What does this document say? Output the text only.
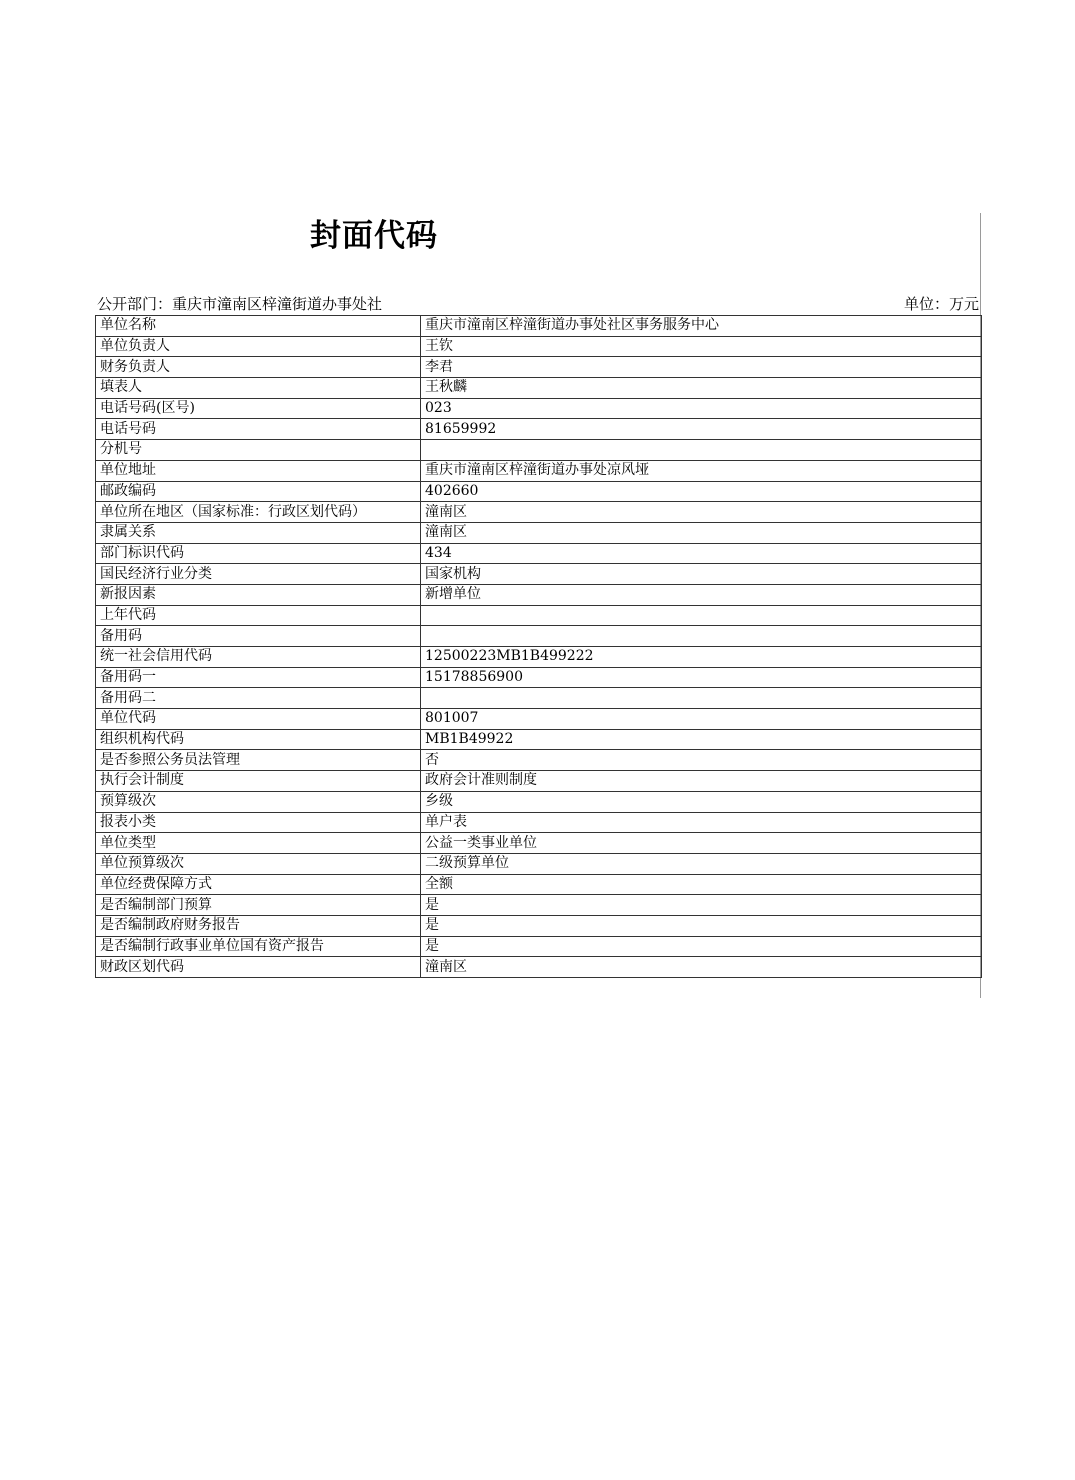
封面代码
公开部门：重庆市潼南区梓潼街道办事处社	单位：万元
单位名称	重庆市潼南区梓潼街道办事处社区事务服务中心
单位负责人	王钦
财务负责人	李君
填表人	王秋麟
电话号码(区号)	023
电话号码	81659992
分机号	
单位地址	重庆市潼南区梓潼街道办事处凉风垭
邮政编码	402660
单位所在地区（国家标准：行政区划代码）	潼南区
隶属关系	潼南区
部门标识代码	434
国民经济行业分类	国家机构
新报因素	新增单位
上年代码	
备用码	
统一社会信用代码	12500223MB1B499222
备用码一	15178856900
备用码二	
单位代码	801007
组织机构代码	MB1B49922
是否参照公务员法管理	否
执行会计制度	政府会计准则制度
预算级次	乡级
报表小类	单户表
单位类型	公益一类事业单位
单位预算级次	二级预算单位
单位经费保障方式	全额
是否编制部门预算	是
是否编制政府财务报告	是
是否编制行政事业单位国有资产报告	是
财政区划代码	潼南区
